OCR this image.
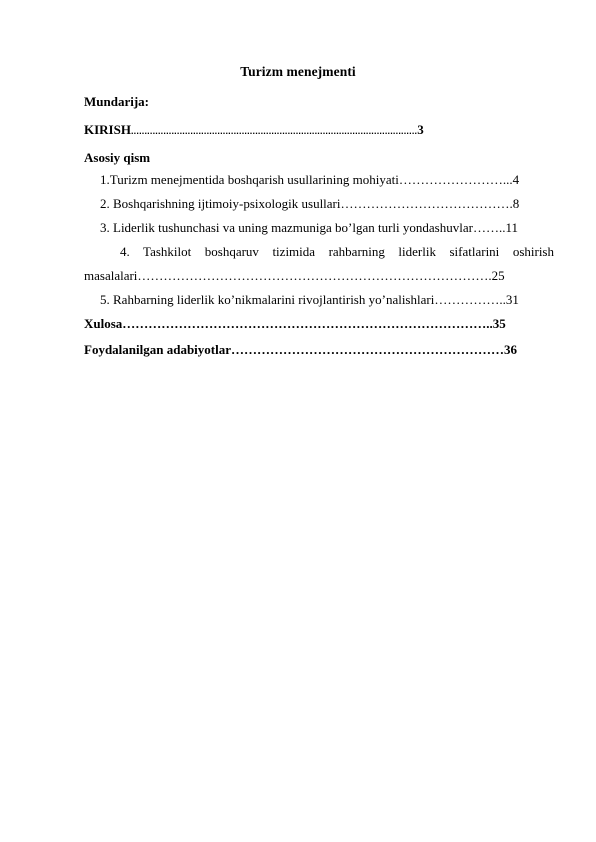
Turizm menejmenti
Mundarija:
KIRISH..........................................................................................................3
Asosiy qism
1.Turizm menejmentida boshqarish usullarining mohiyati……………………...4
2. Boshqarishning ijtimoiy-psixologik usullari………………………………….8
3. Liderlik tushunchasi va uning mazmuniga bo’lgan turli yondashuvlar……..11
4. Tashkilot boshqaruv tizimida rahbarning liderlik sifatlarini oshirish
masalalari……………………………………………………………………….25
5. Rahbarning liderlik ko’nikmalarini rivojlantirish yo’nalishlari……………..31
Xulosa…………………………………………………………………………..35
Foydalanilgan adabiyotlar………………………………………………………36
